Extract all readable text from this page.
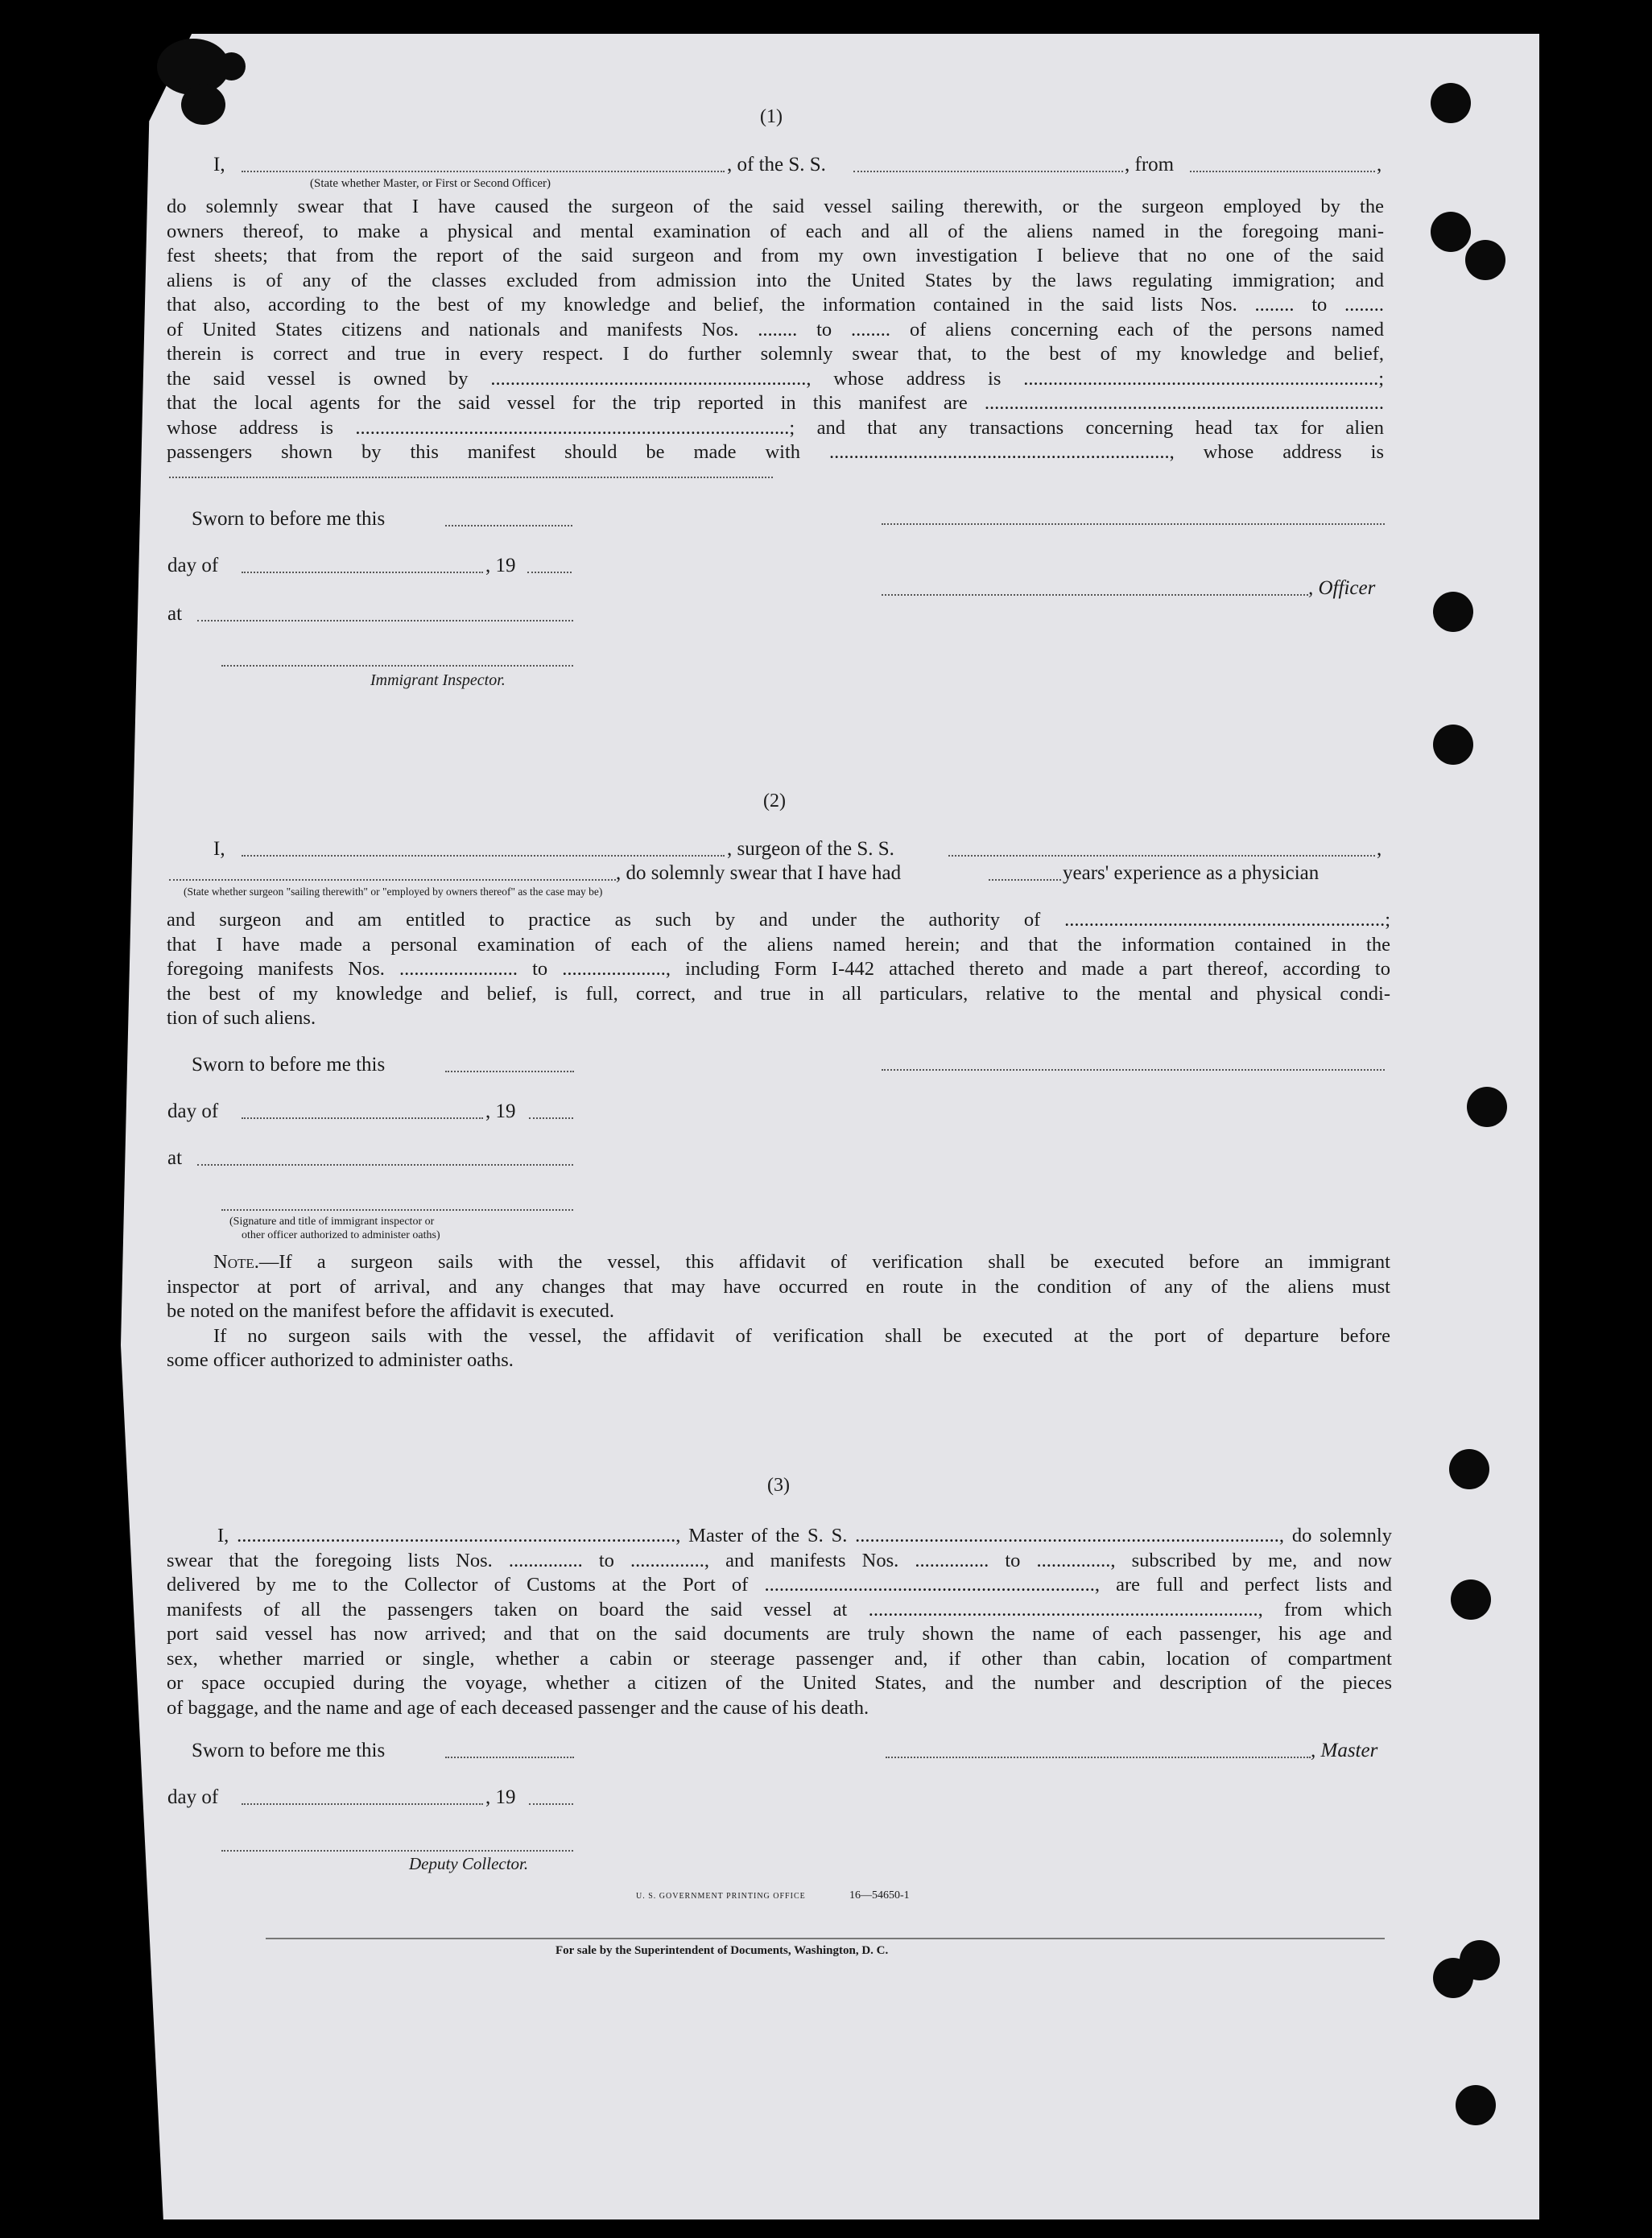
(1)
I,	, of the S. S.	, from	,
(State whether Master, or First or Second Officer)
do solemnly swear that I have caused the surgeon of the said vessel sailing therewith, or the surgeon employed by the
owners thereof, to make a physical and mental examination of each and all of the aliens named in the foregoing mani-
fest sheets; that from the report of the said surgeon and from my own investigation I believe that no one of the said
aliens is of any of the classes excluded from admission into the United States by the laws regulating immigration; and
that also, according to the best of my knowledge and belief, the information contained in the said lists Nos. ........ to ........
of United States citizens and nationals and manifests Nos. ........ to ........ of aliens concerning each of the persons named
therein is correct and true in every respect. I do further solemnly swear that, to the best of my knowledge and belief,
the said vessel is owned by ................................................................, whose address is ........................................................................;
that the local agents for the said vessel for the trip reported in this manifest are .................................................................................
whose address is ........................................................................................; and that any transactions concerning head tax for alien
passengers shown by this manifest should be made with ....................................................................., whose address is
Sworn to before me this
day of	, 19
, Officer
at
Immigrant Inspector.
(2)
I,	, surgeon of the S. S.	,
, do solemnly swear that I have had	years' experience as a physician
(State whether surgeon "sailing therewith" or "employed by owners thereof" as the case may be)
and surgeon and am entitled to practice as such by and under the authority of .................................................................;
that I have made a personal examination of each of the aliens named herein; and that the information contained in the
foregoing manifests Nos. ........................ to ....................., including Form I-442 attached thereto and made a part thereof, according to
the best of my knowledge and belief, is full, correct, and true in all particulars, relative to the mental and physical condi-
tion of such aliens.
Sworn to before me this
day of	, 19
at
(Signature and title of immigrant inspector or
other officer authorized to administer oaths)
Note.—If a surgeon sails with the vessel, this affidavit of verification shall be executed before an immigrant
inspector at port of arrival, and any changes that may have occurred en route in the condition of any of the aliens must
be noted on the manifest before the affidavit is executed.
If no surgeon sails with the vessel, the affidavit of verification shall be executed at the port of departure before
some officer authorized to administer oaths.
(3)
I, ........................................................................................., Master of the S. S. ......................................................................................, do solemnly
swear that the foregoing lists Nos. ............... to ..............., and manifests Nos. ............... to ..............., subscribed by me, and now
delivered by me to the Collector of Customs at the Port of ..................................................................., are full and perfect lists and
manifests of all the passengers taken on board the said vessel at ..............................................................................., from which
port said vessel has now arrived; and that on the said documents are truly shown the name of each passenger, his age and
sex, whether married or single, whether a cabin or steerage passenger and, if other than cabin, location of compartment
or space occupied during the voyage, whether a citizen of the United States, and the number and description of the pieces
of baggage, and the name and age of each deceased passenger and the cause of his death.
Sworn to before me this	, Master
day of	, 19
Deputy Collector.
U. S. GOVERNMENT PRINTING OFFICE	16—54650-1
For sale by the Superintendent of Documents, Washington, D. C.
